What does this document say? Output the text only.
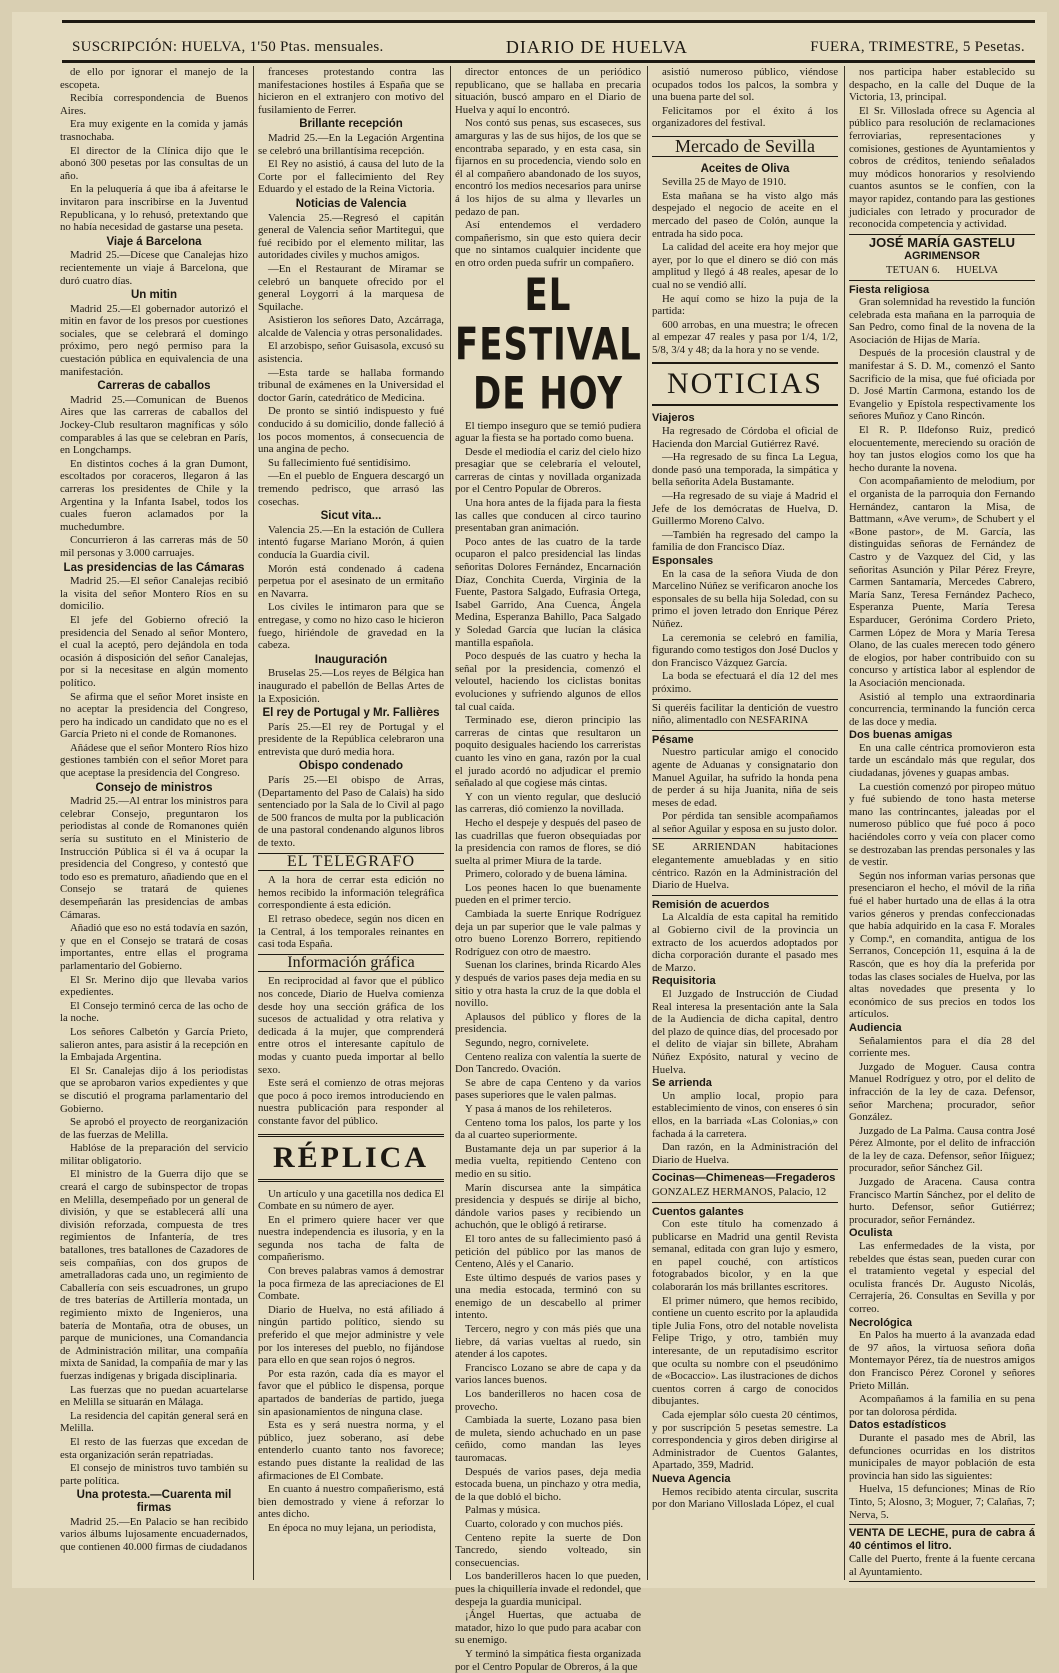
SUSCRIPCIÓN: HUELVA, 1'50 Ptas. mensuales.	DIARIO DE HUELVA	FUERA, TRIMESTRE, 5 Pesetas.

de ello por ignorar el manejo de la escopeta.

Recibía correspondencia de Buenos Aires.

Era muy exigente en la comida y jamás trasnochaba.

El director de la Clínica dijo que le abonó 300 pesetas por las consultas de un año.

En la peluquería á que iba á afeitarse le invitaron para inscribirse en la Juventud Republicana, y lo rehusó, pretextando que no había necesidad de gastarse una peseta.

Viaje á Barcelona

Madrid 25.—Dícese que Canalejas hizo recientemente un viaje á Barcelona, que duró cuatro días.

Un mitin

Madrid 25.—El gobernador autorizó el mitin en favor de los presos por cuestiones sociales, que se celebrará el domingo próximo, pero negó permiso para la cuestación pública en equivalencia de una manifestación.

Carreras de caballos

Madrid 25.—Comunican de Buenos Aires que las carreras de caballos del Jockey-Club resultaron magníficas y sólo comparables á las que se celebran en París, en Longchamps.

En distintos coches á la gran Dumont, escoltados por coraceros, llegaron á las carreras los presidentes de Chile y la Argentina y la Infanta Isabel, todos los cuales fueron aclamados por la muchedumbre.

Concurrieron á las carreras más de 50 mil personas y 3.000 carruajes.

Las presidencias de las Cámaras

Madrid 25.—El señor Canalejas recibió la visita del señor Montero Ríos en su domicilio.

El jefe del Gobierno ofreció la presidencia del Senado al señor Montero, el cual la aceptó, pero dejándola en toda ocasión á disposición del señor Canalejas, por si la necesitase en algún momento político.

Se afirma que el señor Moret insiste en no aceptar la presidencia del Congreso, pero ha indicado un candidato que no es el García Prieto ni el conde de Romanones.

Añádese que el señor Montero Ríos hizo gestiones también con el señor Moret para que aceptase la presidencia del Congreso.

Consejo de ministros

Madrid 25.—Al entrar los ministros para celebrar Consejo, preguntaron los periodistas al conde de Romanones quién sería su sustituto en el Ministerio de Instrucción Pública si él va á ocupar la presidencia del Congreso, y contestó que todo eso es prematuro, añadiendo que en el Consejo se tratará de quienes desempeñarán las presidencias de ambas Cámaras.

Añadió que eso no está todavía en sazón, y que en el Consejo se tratará de cosas importantes, entre ellas el programa parlamentario del Gobierno.

El Sr. Merino dijo que llevaba varios expedientes.

El Consejo terminó cerca de las ocho de la noche.

Los señores Calbetón y García Prieto, salieron antes, para asistir á la recepción en la Embajada Argentina.

El Sr. Canalejas dijo á los periodistas que se aprobaron varios expedientes y que se discutió el programa parlamentario del Gobierno.

Se aprobó el proyecto de reorganización de las fuerzas de Melilla.

Hablóse de la preparación del servicio militar obligatorio.

El ministro de la Guerra dijo que se creará el cargo de subinspector de tropas en Melilla, desempeñado por un general de división, y que se establecerá allí una división reforzada, compuesta de tres regimientos de Infantería, de tres batallones, tres batallones de Cazadores de seis compañías, con dos grupos de ametralladoras cada uno, un regimiento de Caballería con seis escuadrones, un grupo de tres baterías de Artillería montada, un regimiento mixto de Ingenieros, una batería de Montaña, otra de obuses, un parque de municiones, una Comandancia de Administración militar, una compañía mixta de Sanidad, la compañía de mar y las fuerzas indígenas y brigada disciplinaria.

Las fuerzas que no puedan acuartelarse en Melilla se situarán en Málaga.

La residencia del capitán general será en Melilla.

El resto de las fuerzas que excedan de esta organización serán repatriadas.

El consejo de ministros tuvo también su parte política.

Una protesta.—Cuarenta mil firmas

Madrid 25.—En Palacio se han recibido varios álbums lujosamente encuadernados, que contienen 40.000 firmas de ciudadanos

franceses protestando contra las manifestaciones hostiles á España que se hicieron en el extranjero con motivo del fusilamiento de Ferrer.

Brillante recepción

Madrid 25.—En la Legación Argentina se celebró una brillantísima recepción.

El Rey no asistió, á causa del luto de la Corte por el fallecimiento del Rey Eduardo y el estado de la Reina Victoria.

Noticias de Valencia

Valencia 25.—Regresó el capitán general de Valencia señor Martitegui, que fué recibido por el elemento militar, las autoridades civiles y muchos amigos.

—En el Restaurant de Miramar se celebró un banquete ofrecido por el general Loygorri á la marquesa de Squilache.

Asistieron los señores Dato, Azcárraga, alcalde de Valencia y otras personalidades.

El arzobispo, señor Guisasola, excusó su asistencia.

—Esta tarde se hallaba formando tribunal de exámenes en la Universidad el doctor Garín, catedrático de Medicina.

De pronto se sintió indispuesto y fué conducido á su domicilio, donde falleció á los pocos momentos, á consecuencia de una angina de pecho.

Su fallecimiento fué sentidísimo.

—En el pueblo de Enguera descargó un tremendo pedrisco, que arrasó las cosechas.

Sicut vita...

Valencia 25.—En la estación de Cullera intentó fugarse Mariano Morón, á quien conducía la Guardia civil.

Morón está condenado á cadena perpetua por el asesinato de un ermitaño en Navarra.

Los civiles le intimaron para que se entregase, y como no hizo caso le hicieron fuego, hiriéndole de gravedad en la cabeza.

Inauguración

Bruselas 25.—Los reyes de Bélgica han inaugurado el pabellón de Bellas Artes de la Exposición.

El rey de Portugal y Mr. Fallières

París 25.—El rey de Portugal y el presidente de la República celebraron una entrevista que duró media hora.

Obispo condenado

París 25.—El obispo de Arras, (Departamento del Paso de Calais) ha sido sentenciado por la Sala de lo Civil al pago de 500 francos de multa por la publicación de una pastoral condenando algunos libros de texto.

EL TELEGRAFO

A la hora de cerrar esta edición no hemos recibido la información telegráfica correspondiente á esta edición.

El retraso obedece, según nos dicen en la Central, á los temporales reinantes en casi toda España.

Información gráfica

En reciprocidad al favor que el público nos concede, Diario de Huelva comienza desde hoy una sección gráfica de los sucesos de actualidad y otra relativa y dedicada á la mujer, que comprenderá entre otros el interesante capítulo de modas y cuanto pueda importar al bello sexo.

Este será el comienzo de otras mejoras que poco á poco iremos introduciendo en nuestra publicación para responder al constante favor del público.

RÉPLICA

Un artículo y una gacetilla nos dedica El Combate en su número de ayer.

En el primero quiere hacer ver que nuestra independencia es ilusoria, y en la segunda nos tacha de falta de compañerismo.

Con breves palabras vamos á demostrar la poca firmeza de las apreciaciones de El Combate.

Diario de Huelva, no está afiliado á ningún partido político, siendo su preferido el que mejor administre y vele por los intereses del pueblo, no fijándose para ello en que sean rojos ó negros.

Por esta razón, cada día es mayor el favor que el público le dispensa, porque apartados de banderías de partido, juega sin apasionamientos de ninguna clase.

Esta es y será nuestra norma, y el público, juez soberano, así debe entenderlo cuanto tanto nos favorece; estando pues distante la realidad de las afirmaciones de El Combate.

En cuanto á nuestro compañerismo, está bien demostrado y viene á reforzar lo antes dicho.

En época no muy lejana, un periodista,

director entonces de un periódico republicano, que se hallaba en precaria situación, buscó amparo en el Diario de Huelva y aquí lo encontró.

Nos contó sus penas, sus escaseces, sus amarguras y las de sus hijos, de los que se encontraba separado, y en esta casa, sin fijarnos en su procedencia, viendo solo en él al compañero abandonado de los suyos, encontró los medios necesarios para unirse á los hijos de su alma y llevarles un pedazo de pan.

Así entendemos el verdadero compañerismo, sin que esto quiera decir que no sintamos cualquier incidente que en otro orden pueda sufrir un compañero.

EL FESTIVAL DE HOY

El tiempo inseguro que se temió pudiera aguar la fiesta se ha portado como buena.

Desde el mediodía el cariz del cielo hizo presagiar que se celebraría el veloutel, carreras de cintas y novillada organizada por el Centro Popular de Obreros.

Una hora antes de la fijada para la fiesta las calles que conducen al circo taurino presentaban gran animación.

Poco antes de las cuatro de la tarde ocuparon el palco presidencial las lindas señoritas Dolores Fernández, Encarnación Díaz, Conchita Cuerda, Virginia de la Fuente, Pastora Salgado, Eufrasia Ortega, Isabel Garrido, Ana Cuenca, Ángela Medina, Esperanza Bahillo, Paca Salgado y Soledad García que lucían la clásica mantilla española.

Poco después de las cuatro y hecha la señal por la presidencia, comenzó el veloutel, haciendo los ciclistas bonitas evoluciones y sufriendo algunos de ellos tal cual caída.

Terminado ese, dieron principio las carreras de cintas que resultaron un poquito desiguales haciendo los carreristas cuanto les vino en gana, razón por la cual el jurado acordó no adjudicar el premio señalado al que cogiese más cintas.

Y con un viento regular, que deslució las carreras, dió comienzo la novillada.

Hecho el despeje y después del paseo de las cuadrillas que fueron obsequiadas por la presidencia con ramos de flores, se dió suelta al primer Miura de la tarde.

Primero, colorado y de buena lámina.

Los peones hacen lo que buenamente pueden en el primer tercio.

Cambiada la suerte Enrique Rodríguez deja un par superior que le vale palmas y otro bueno Lorenzo Borrero, repitiendo Rodríguez con otro de maestro.

Suenan los clarines, brinda Ricardo Ales y después de varios pases deja media en su sitio y otra hasta la cruz de la que dobla el novillo.

Aplausos del público y flores de la presidencia.

Segundo, negro, cornivelete.

Centeno realiza con valentía la suerte de Don Tancredo. Ovación.

Se abre de capa Centeno y da varios pases superiores que le valen palmas.

Y pasa á manos de los rehileteros.

Centeno toma los palos, los parte y los da al cuarteo superiormente.

Bustamante deja un par superior á la media vuelta, repitiendo Centeno con medio en su sitio.

Marín discursea ante la simpática presidencia y después se dirije al bicho, dándole varios pases y recibiendo un achuchón, que le obligó á retirarse.

El toro antes de su fallecimiento pasó á petición del público por las manos de Centeno, Alés y el Canario.

Este último después de varios pases y una media estocada, terminó con su enemigo de un descabello al primer intento.

Tercero, negro y con más piés que una liebre, dá varias vueltas al ruedo, sin atender á los capotes.

Francisco Lozano se abre de capa y da varios lances buenos.

Los banderilleros no hacen cosa de provecho.

Cambiada la suerte, Lozano pasa bien de muleta, siendo achuchado en un pase ceñido, como mandan las leyes tauromacas.

Después de varios pases, deja media estocada buena, un pinchazo y otra media, de la que dobló el bicho.

Palmas y música.

Cuarto, colorado y con muchos piés.

Centeno repite la suerte de Don Tancredo, siendo volteado, sin consecuencias.

Los banderilleros hacen lo que pueden, pues la chiquillería invade el redondel, que despeja la guardia municipal.

¡Ángel Huertas, que actuaba de matador, hizo lo que pudo para acabar con su enemigo.

Y terminó la simpática fiesta organizada por el Centro Popular de Obreros, á la que

asistió numeroso público, viéndose ocupados todos los palcos, la sombra y una buena parte del sol.

Felicitamos por el éxito á los organizadores del festival.

Mercado de Sevilla
Aceites de Oliva

Sevilla 25 de Mayo de 1910.

Esta mañana se ha visto algo más despejado el negocio de aceite en el mercado del paseo de Colón, aunque la entrada ha sido poca.

La calidad del aceite era hoy mejor que ayer, por lo que el dinero se dió con más amplitud y llegó á 48 reales, apesar de lo cual no se vendió allí.

He aquí como se hizo la puja de la partida:

600 arrobas, en una muestra; le ofrecen al empezar 47 reales y pasa por 1/4, 1/2, 5/8, 3/4 y 48; da la hora y no se vende.

NOTICIAS
Viajeros

Ha regresado de Córdoba el oficial de Hacienda don Marcial Gutiérrez Ravé.

—Ha regresado de su finca La Legua, donde pasó una temporada, la simpática y bella señorita Adela Bustamante.

—Ha regresado de su viaje á Madrid el Jefe de los demócratas de Huelva, D. Guillermo Moreno Calvo.

—También ha regresado del campo la familia de don Francisco Díaz.

Esponsales

En la casa de la señora Viuda de don Marcelino Núñez se verificaron anoche los esponsales de su bella hija Soledad, con su primo el joven letrado don Enrique Pérez Núñez.

La ceremonia se celebró en familia, figurando como testigos don José Duclos y don Francisco Vázquez García.

La boda se efectuará el día 12 del mes próximo.

Si queréis facilitar la dentición de vuestro niño, alimentadlo con NESFARINA

Pésame

Nuestro particular amigo el conocido agente de Aduanas y consignatario don Manuel Aguilar, ha sufrido la honda pena de perder á su hija Juanita, niña de seis meses de edad.

Por pérdida tan sensible acompañamos al señor Aguilar y esposa en su justo dolor.

SE ARRIENDAN habitaciones elegantemente amuebladas y en sitio céntrico. Razón en la Administración del Diario de Huelva.

Remisión de acuerdos

La Alcaldía de esta capital ha remitido al Gobierno civil de la provincia un extracto de los acuerdos adoptados por dicha corporación durante el pasado mes de Marzo.

Requisitoria

El Juzgado de Instrucción de Ciudad Real interesa la presentación ante la Sala de la Audiencia de dicha capital, dentro del plazo de quince días, del procesado por el delito de viajar sin billete, Abraham Núñez Expósito, natural y vecino de Huelva.

Se arrienda

Un amplio local, propio para establecimiento de vinos, con enseres ó sin ellos, en la barriada «Las Colonias,» con fachada á la carretera.

Dan razón, en la Administración del Diario de Huelva.

Cocinas—Chimeneas—Fregaderos

GONZALEZ HERMANOS, Palacio, 12

Cuentos galantes

Con este título ha comenzado á publicarse en Madrid una gentil Revista semanal, editada con gran lujo y esmero, en papel couché, con artísticos fotograbados bicolor, y en la que colaborarán los más brillantes escritores.

El primer número, que hemos recibido, contiene un cuento escrito por la aplaudida tiple Julia Fons, otro del notable novelista Felipe Trigo, y otro, también muy interesante, de un reputadísimo escritor que oculta su nombre con el pseudónimo de «Bocaccio». Las ilustraciones de dichos cuentos corren á cargo de conocidos dibujantes.

Cada ejemplar sólo cuesta 20 céntimos, y por suscripción 5 pesetas semestre. La correspondencia y giros deben dirigirse al Administrador de Cuentos Galantes, Apartado, 359, Madrid.

Nueva Agencia

Hemos recibido atenta circular, suscrita por don Mariano Villoslada López, el cual

nos participa haber establecido su despacho, en la calle del Duque de la Victoria, 13, principal.

El Sr. Villoslada ofrece su Agencia al público para resolución de reclamaciones ferroviarias, representaciones y comisiones, gestiones de Ayuntamientos y cobros de créditos, teniendo señalados muy módicos honorarios y resolviendo cuantos asuntos se le confíen, con la mayor rapidez, contando para las gestiones judiciales con letrado y procurador de reconocida competencia y actividad.

JOSÉ MARÍA GASTELU

AGRIMENSOR

TETUAN 6. HUELVA

Fiesta religiosa

Gran solemnidad ha revestido la función celebrada esta mañana en la parroquia de San Pedro, como final de la novena de la Asociación de Hijas de María.

Después de la procesión claustral y de manifestar á S. D. M., comenzó el Santo Sacrificio de la misa, que fué oficiada por D. José Martín Carmona, estando los de Evangelio y Epístola respectivamente los señores Muñoz y Cano Rincón.

El R. P. Ildefonso Ruiz, predicó elocuentemente, mereciendo su oración de hoy tan justos elogios como los que ha hecho durante la novena.

Con acompañamiento de melodium, por el organista de la parroquia don Fernando Hernández, cantaron la Misa, de Battmann, «Ave verum», de Schubert y el «Bone pastor», de M. García, las distinguidas señoras de Fernández de Castro y de Vazquez del Cid, y las señoritas Asunción y Pilar Pérez Freyre, Carmen Santamaría, Mercedes Cabrero, María Sanz, Teresa Fernández Pacheco, Esperanza Puente, María Teresa Esparducer, Gerónima Cordero Prieto, Carmen López de Mora y María Teresa Olano, de las cuales merecen todo género de elogios, por haber contribuido con su concurso y artística labor al esplendor de la Asociación mencionada.

Asistió al templo una extraordinaria concurrencia, terminando la función cerca de las doce y media.

Dos buenas amigas

En una calle céntrica promovieron esta tarde un escándalo más que regular, dos ciudadanas, jóvenes y guapas ambas.

La cuestión comenzó por piropeo mútuo y fué subiendo de tono hasta meterse mano las contrincantes, jaleadas por el numeroso público que fué poco á poco haciéndoles corro y veía con placer como se destrozaban las prendas personales y las de vestir.

Según nos informan varias personas que presenciaron el hecho, el móvil de la riña fué el haber hurtado una de ellas á la otra varios géneros y prendas confeccionadas que había adquirido en la casa F. Morales y Comp.ª, en comandita, antigua de los Serranos, Concepción 11, esquina á la de Rascón, que es hoy día la preferida por todas las clases sociales de Huelva, por las altas novedades que presenta y lo económico de sus precios en todos los artículos.

Audiencia

Señalamientos para el día 28 del corriente mes.

Juzgado de Moguer. Causa contra Manuel Rodríguez y otro, por el delito de infracción de la ley de caza. Defensor, señor Marchena; procurador, señor González.

Juzgado de La Palma. Causa contra José Pérez Almonte, por el delito de infracción de la ley de caza. Defensor, señor Iñiguez; procurador, señor Sánchez Gil.

Juzgado de Aracena. Causa contra Francisco Martín Sánchez, por el delito de hurto. Defensor, señor Gutiérrez; procurador, señor Fernández.

Oculista

Las enfermedades de la vista, por rebeldes que éstas sean, pueden curar con el tratamiento vegetal y especial del oculista francés Dr. Augusto Nicolás, Cerrajería, 26. Consultas en Sevilla y por correo.

Necrológica

En Palos ha muerto á la avanzada edad de 97 años, la virtuosa señora doña Montemayor Pérez, tía de nuestros amigos don Francisco Pérez Coronel y señores Prieto Millán.

Acompañamos á la familia en su pena por tan dolorosa pérdida.

Datos estadísticos

Durante el pasado mes de Abril, las defunciones ocurridas en los distritos municipales de mayor población de esta provincia han sido las siguientes:

Huelva, 15 defunciones; Minas de Río Tinto, 5; Alosno, 3; Moguer, 7; Calañas, 7; Nerva, 5.

VENTA DE LECHE, pura de cabra á 40 céntimos el litro.

Calle del Puerto, frente á la fuente cercana al Ayuntamiento.
